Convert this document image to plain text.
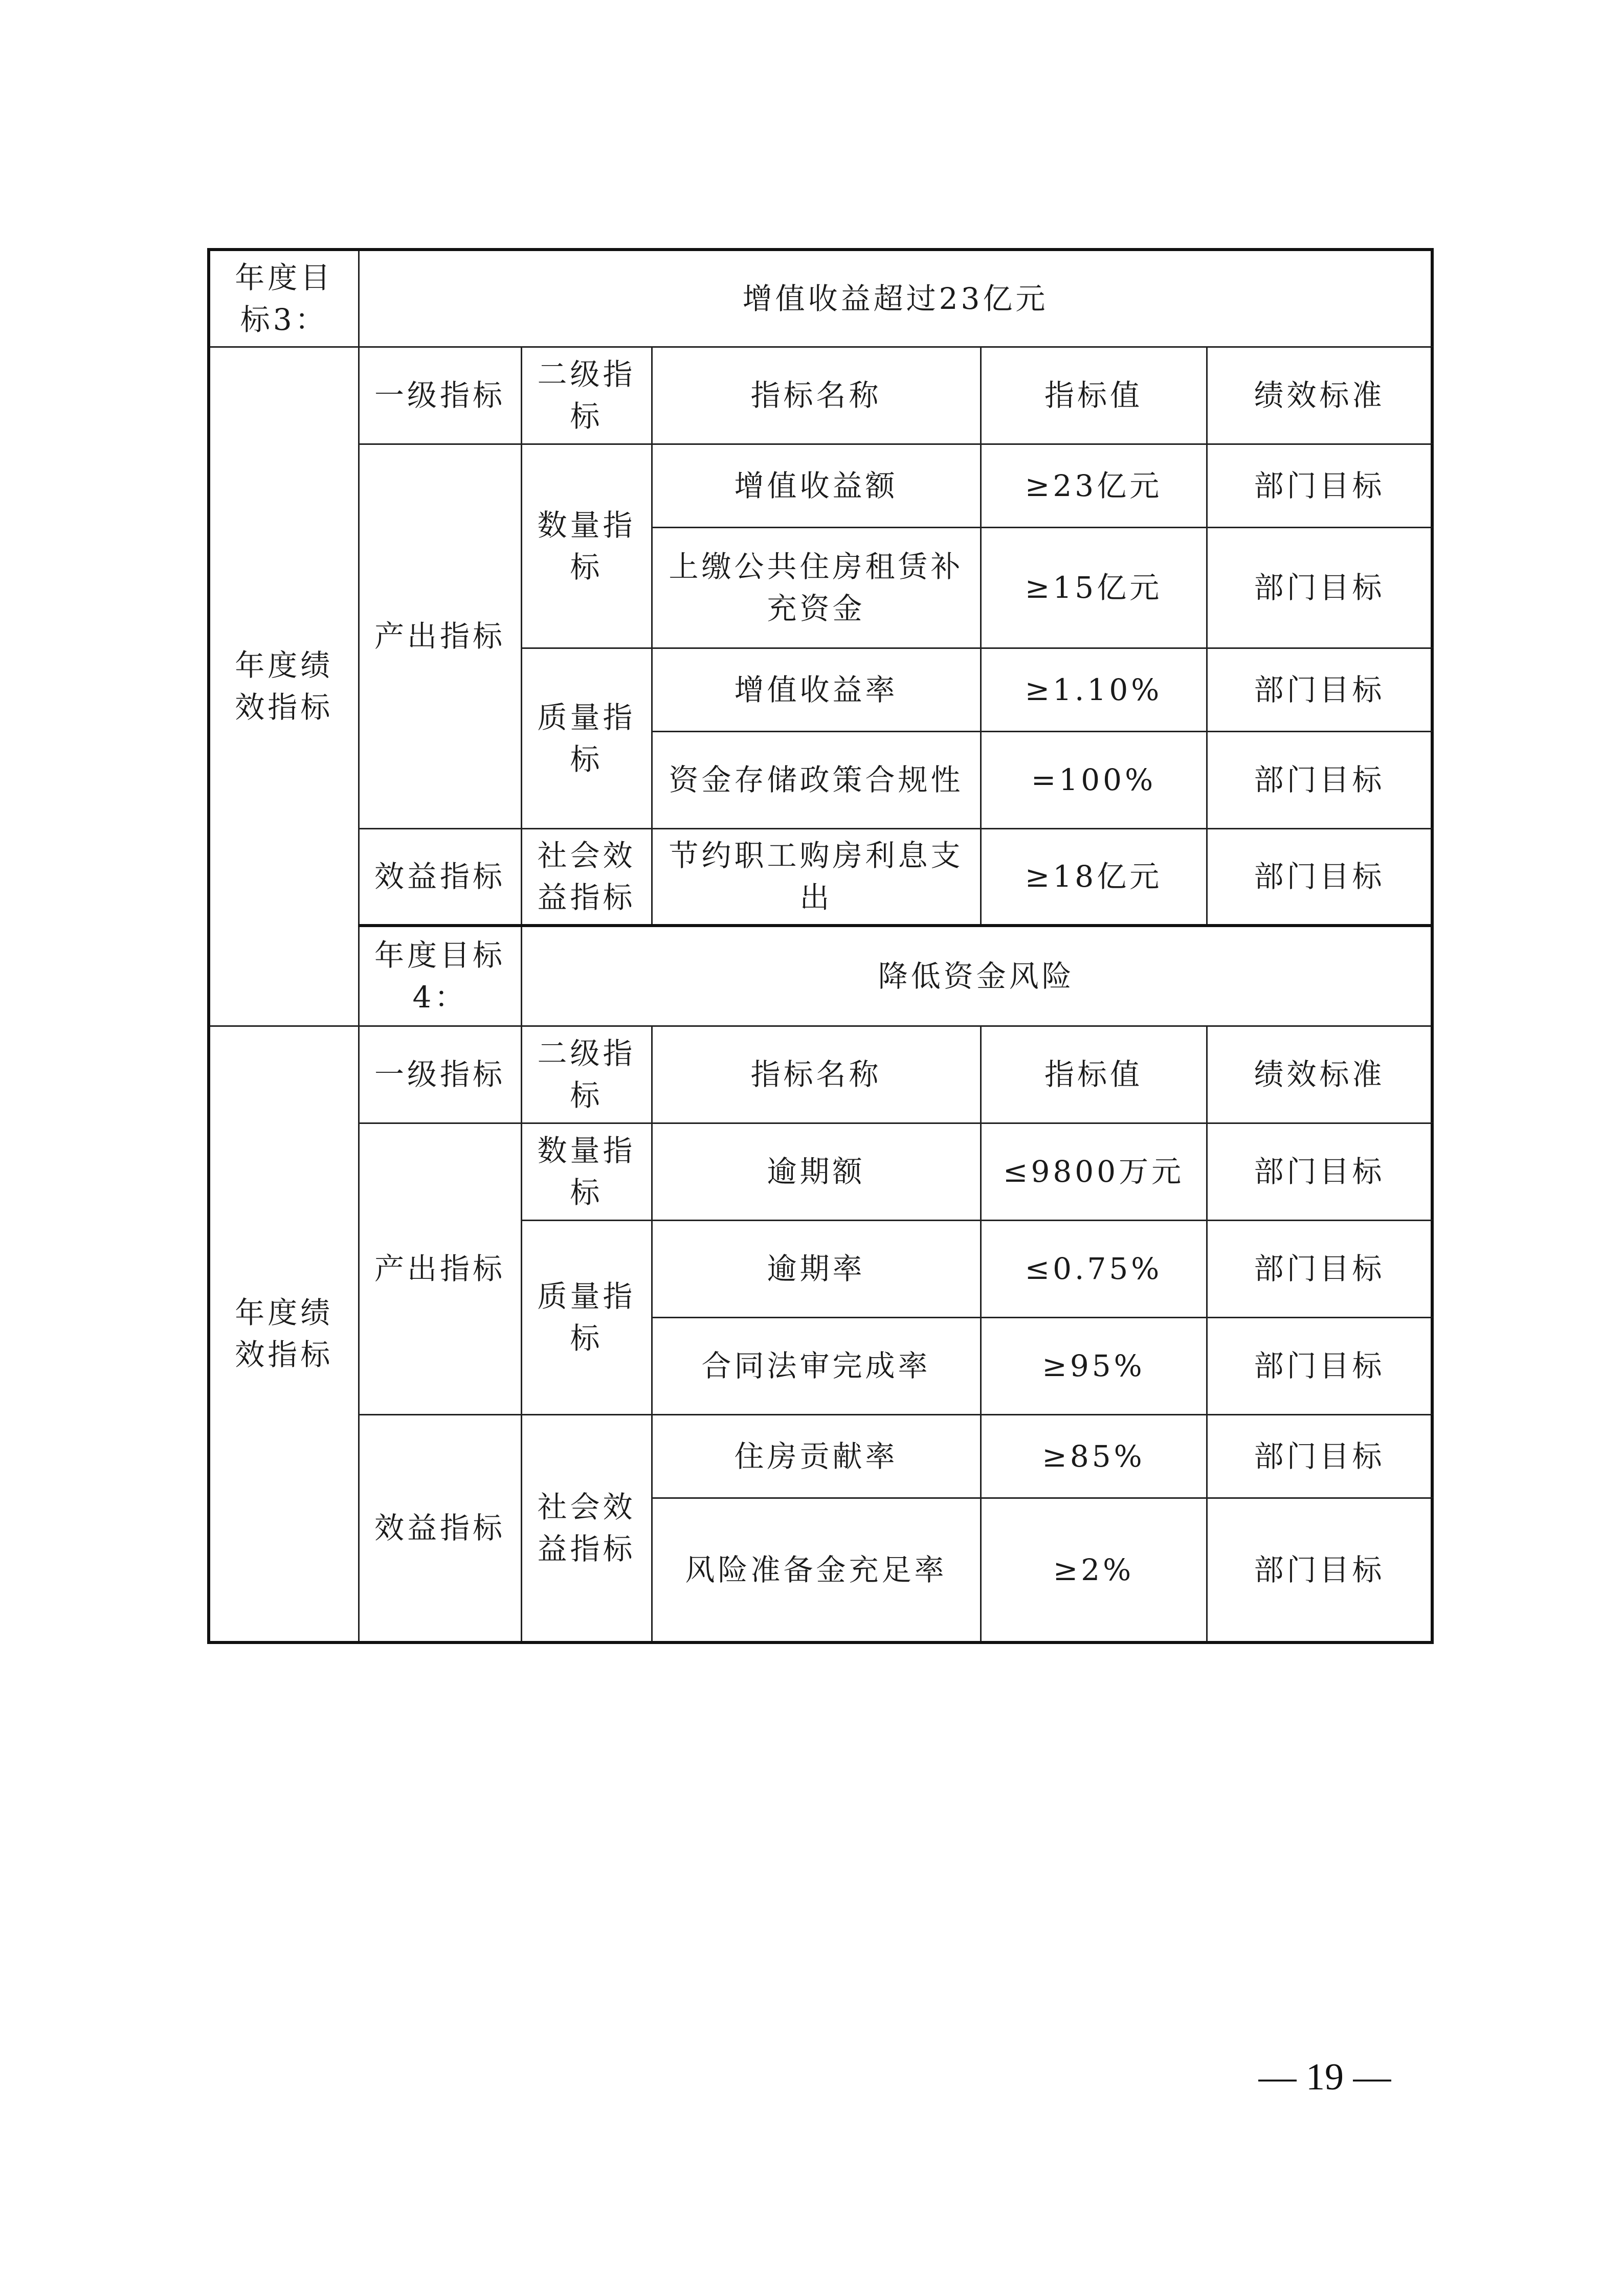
年度目标3：	增值收益超过23亿元				
年度绩效指标	一级指标	二级指标	指标名称	指标值	绩效标准
	产出指标	数量指标	增值收益额	≥23亿元	部门目标
			上缴公共住房租赁补充资金	≥15亿元	部门目标
		质量指标	增值收益率	≥1.10%	部门目标
			资金存储政策合规性	=100%	部门目标
	效益指标	社会效益指标	节约职工购房利息支出	≥18亿元	部门目标
	年度目标4：	降低资金风险			
年度绩效指标	一级指标	二级指标	指标名称	指标值	绩效标准
	产出指标	数量指标	逾期额	≤9800万元	部门目标
		质量指标	逾期率	≤0.75%	部门目标
			合同法审完成率	≥95%	部门目标
	效益指标	社会效益指标	住房贡献率	≥85%	部门目标
			风险准备金充足率	≥2%	部门目标
— 19 —
